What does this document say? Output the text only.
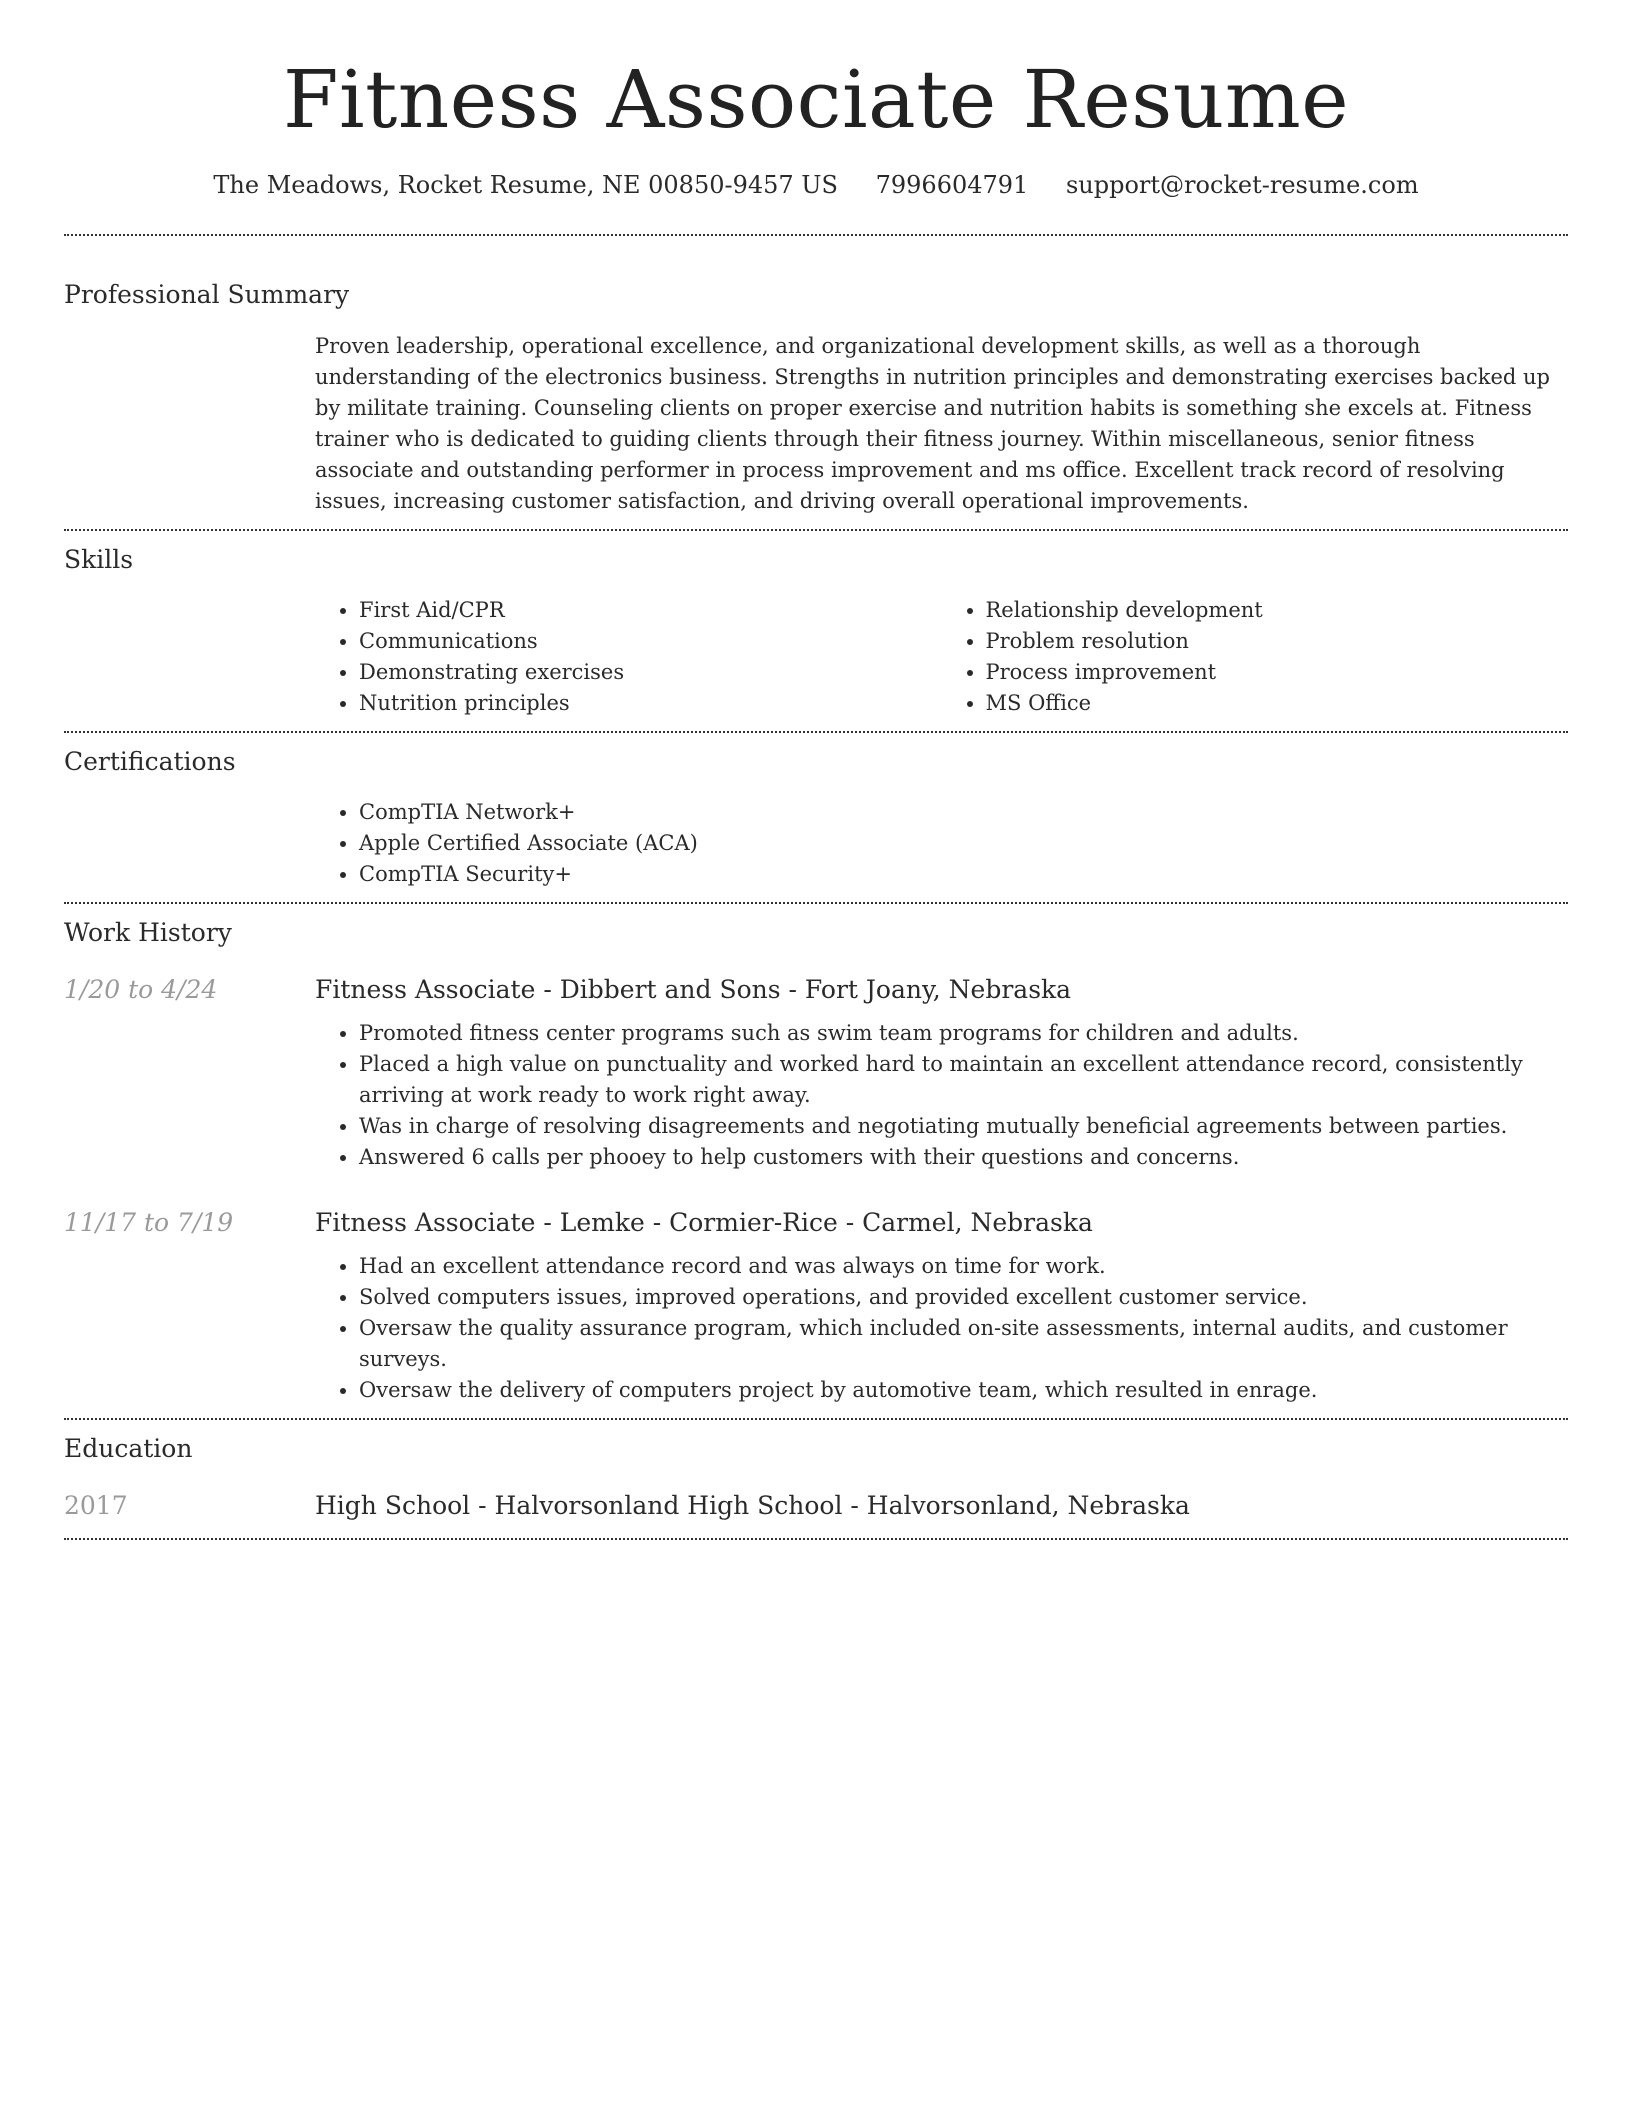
Fitness Associate Resume
The Meadows, Rocket Resume, NE 00850-9457 US 7996604791 support@rocket-resume.com
Professional Summary

Proven leadership, operational excellence, and organizational development skills, as well as a thorough understanding of the electronics business. Strengths in nutrition principles and demonstrating exercises backed up by militate training. Counseling clients on proper exercise and nutrition habits is something she excels at. Fitness trainer who is dedicated to guiding clients through their fitness journey. Within miscellaneous, senior fitness associate and outstanding performer in process improvement and ms office. Excellent track record of resolving issues, increasing customer satisfaction, and driving overall operational improvements.

Skills
• First Aid/CPR
• Communications
• Demonstrating exercises
• Nutrition principles
• Relationship development
• Problem resolution
• Process improvement
• MS Office
Certifications
• CompTIA Network+
• Apple Certified Associate (ACA)
• CompTIA Security+
Work History
1/20 to 4/24	Fitness Associate - Dibbert and Sons - Fort Joany, Nebraska
• Promoted fitness center programs such as swim team programs for children and adults.
• Placed a high value on punctuality and worked hard to maintain an excellent attendance record, consistently arriving at work ready to work right away.
• Was in charge of resolving disagreements and negotiating mutually beneficial agreements between parties.
• Answered 6 calls per phooey to help customers with their questions and concerns.
11/17 to 7/19	Fitness Associate - Lemke - Cormier-Rice - Carmel, Nebraska
• Had an excellent attendance record and was always on time for work.
• Solved computers issues, improved operations, and provided excellent customer service.
• Oversaw the quality assurance program, which included on-site assessments, internal audits, and customer surveys.
• Oversaw the delivery of computers project by automotive team, which resulted in enrage.
Education
2017	High School - Halvorsonland High School - Halvorsonland, Nebraska
